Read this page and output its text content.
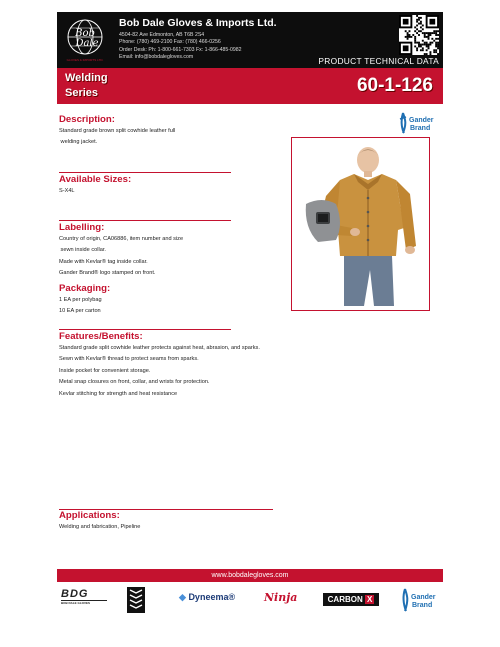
Bob
Dale
GLOVES & IMPORTS LTD.
Bob Dale Gloves & Imports Ltd.
4504-82 Ave Edmonton, AB T6B 2S4
Phone: (780) 469-2100 Fax: (780) 466-0256
Order Desk: Ph: 1-800-661-7303 Fx: 1-866-485-0982
Email: info@bobdalegloves.com	PRODUCT TECHNICAL DATA
Welding
Series	60-1-126
Gander
Brand
Description:
Standard grade brown split cowhide leather full
welding jacket.
Available Sizes:
S-X4L
Labelling:
Country of origin, CA06886, item number and size
sewn inside collar.
Made with Kevlar® tag inside collar.
Gander Brand® logo stamped on front.
Packaging:
1 EA per polybag
10 EA per carton
Features/Benefits:
Standard grade split cowhide leather protects against heat, abrasion, and sparks.
Sewn with Kevlar® thread to protect seams from sparks.
Inside pocket for convenient storage.
Metal snap closures on front, collar, and wrists for protection.
Kevlar stitching for strength and heat resistance
Applications:
Welding and fabrication, Pipeline
www.bobdalegloves.com
BDG
BOB DALE GLOVES
◆ Dyneema®	Ninja	CARBON X	Gander
Brand
